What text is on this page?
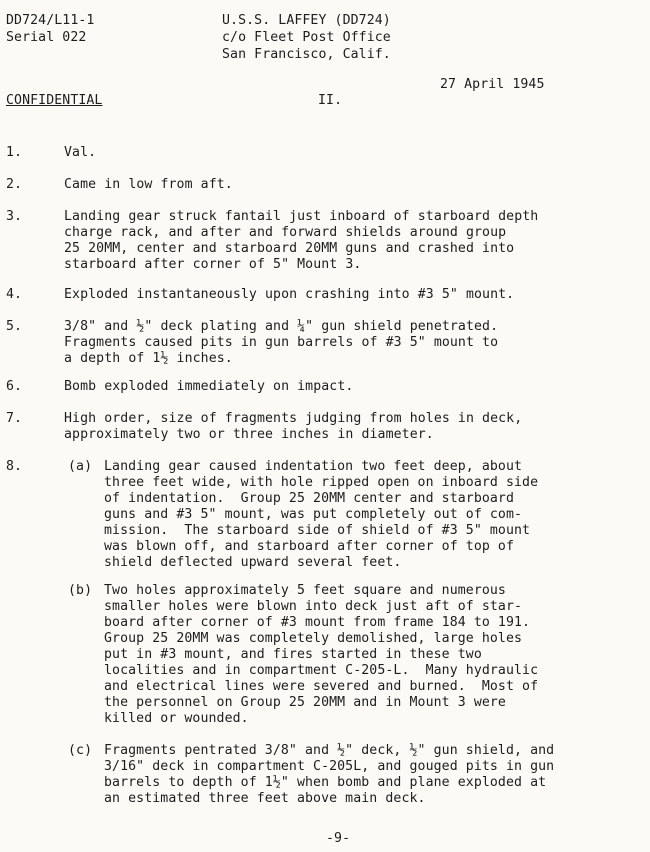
DD724/L11-1
Serial 022
U.S.S. LAFFEY (DD724)
c/o Fleet Post Office
San Francisco, Calif.
27 April 1945
CONFIDENTIAL	II.
1.	Val.
2.	Came in low from aft.
3.	Landing gear struck fantail just inboard of starboard depth
charge rack, and after and forward shields around group
25 20MM, center and starboard 20MM guns and crashed into
starboard after corner of 5" Mount 3.
4.	Exploded instantaneously upon crashing into #3 5" mount.
5.	3/8" and ½" deck plating and ¼" gun shield penetrated.
Fragments caused pits in gun barrels of #3 5" mount to
a depth of 1½ inches.
6.	Bomb exploded immediately on impact.
7.	High order, size of fragments judging from holes in deck,
approximately two or three inches in diameter.
8.	(a) Landing gear caused indentation two feet deep, about
three feet wide, with hole ripped open on inboard side
of indentation.  Group 25 20MM center and starboard
guns and #3 5" mount, was put completely out of com-
mission.  The starboard side of shield of #3 5" mount
was blown off, and starboard after corner of top of
shield deflected upward several feet.
(b) Two holes approximately 5 feet square and numerous
smaller holes were blown into deck just aft of star-
board after corner of #3 mount from frame 184 to 191.
Group 25 20MM was completely demolished, large holes
put in #3 mount, and fires started in these two
localities and in compartment C-205-L.  Many hydraulic
and electrical lines were severed and burned.  Most of
the personnel on Group 25 20MM and in Mount 3 were
killed or wounded.
(c) Fragments pentrated 3/8" and ½" deck, ½" gun shield, and
3/16" deck in compartment C-205L, and gouged pits in gun
barrels to depth of 1½" when bomb and plane exploded at
an estimated three feet above main deck.
-9-
